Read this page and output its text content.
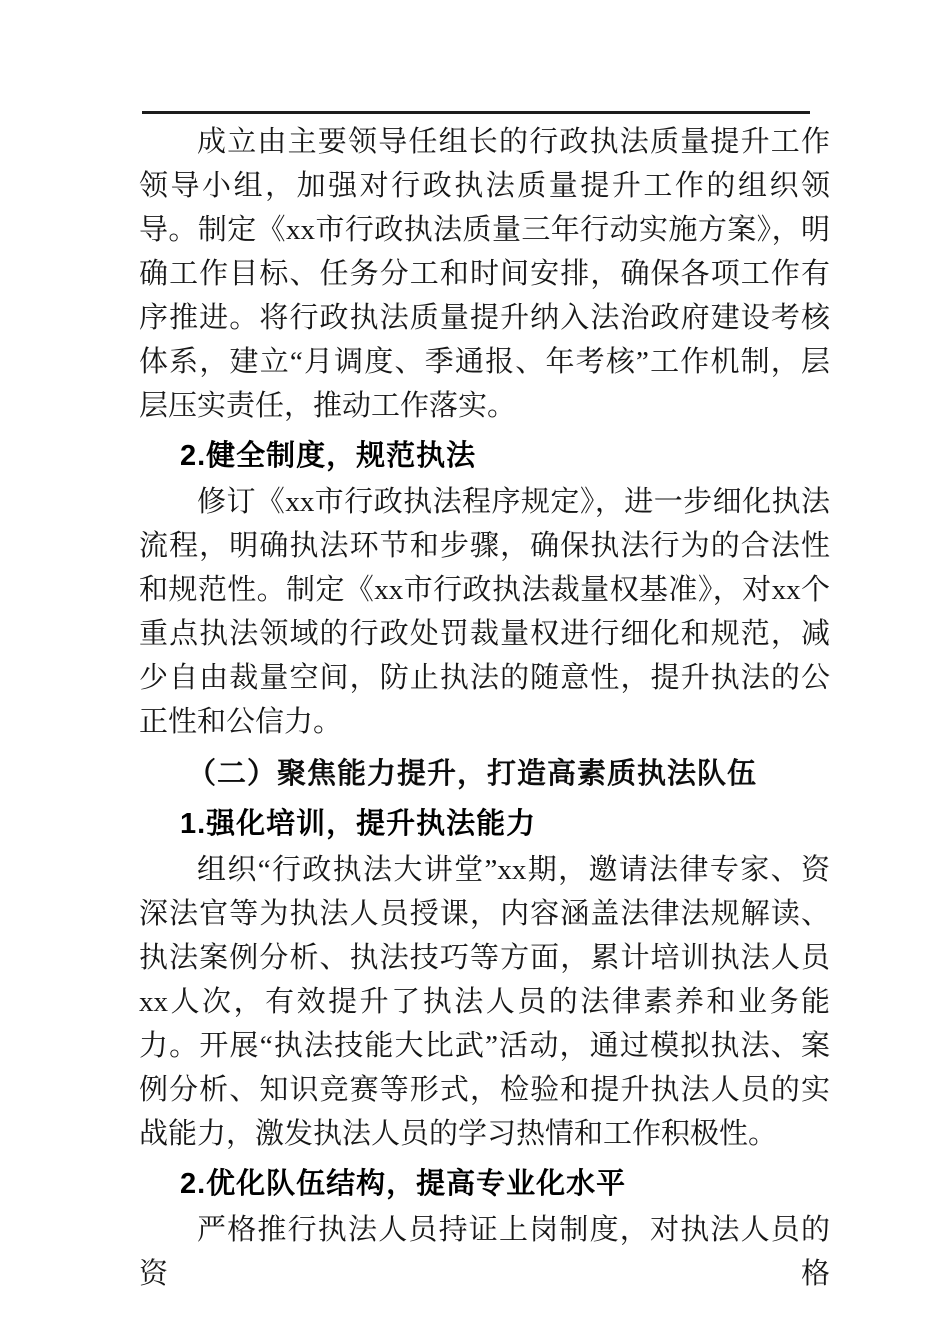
成立由主要领导任组长的行政执法质量提升工作领导小组，加强对行政执法质量提升工作的组织领导。制定《xx市行政执法质量三年行动实施方案》，明确工作目标、任务分工和时间安排，确保各项工作有序推进。将行政执法质量提升纳入法治政府建设考核体系，建立“月调度、季通报、年考核”工作机制，层层压实责任，推动工作落实。

2.健全制度，规范执法

修订《xx市行政执法程序规定》，进一步细化执法流程，明确执法环节和步骤，确保执法行为的合法性和规范性。制定《xx市行政执法裁量权基准》，对xx个重点执法领域的行政处罚裁量权进行细化和规范，减少自由裁量空间，防止执法的随意性，提升执法的公正性和公信力。

（二）聚焦能力提升，打造高素质执法队伍
1.强化培训，提升执法能力

组织“行政执法大讲堂”xx期，邀请法律专家、资深法官等为执法人员授课，内容涵盖法律法规解读、执法案例分析、执法技巧等方面，累计培训执法人员xx人次，有效提升了执法人员的法律素养和业务能力。开展“执法技能大比武”活动，通过模拟执法、案例分析、知识竞赛等形式，检验和提升执法人员的实战能力，激发执法人员的学习热情和工作积极性。

2.优化队伍结构，提高专业化水平

严格推行执法人员持证上岗制度，对执法人员的资格
